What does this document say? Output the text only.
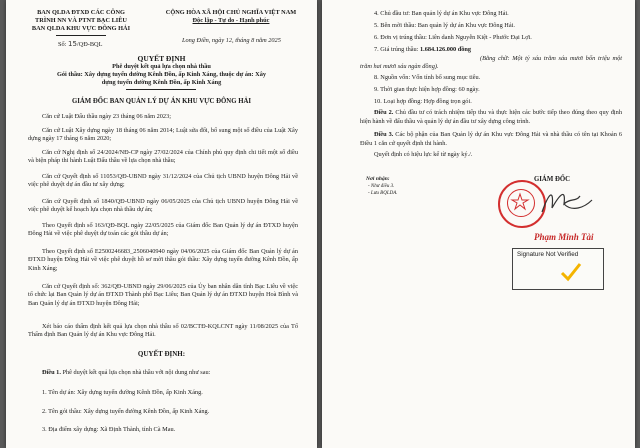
BAN QLDA ĐTXD CÁC CÔNG
TRÌNH NN VÀ PTNT BẠC LIÊU
BAN QLDA KHU VỰC ĐÔNG HẢI
Số: 15/QĐ-BQL
CỘNG HÒA XÃ HỘI CHỦ NGHĨA VIỆT NAM
Độc lập - Tự do - Hạnh phúc
Long Điền, ngày 12, tháng 8 năm 2025
QUYẾT ĐỊNH
Phê duyệt kết quả lựa chọn nhà thầu
Gói thầu: Xây dựng tuyến đường Kênh Đồn, ấp Kinh Xáng, thuộc dự án: Xây
dựng tuyến đường Kênh Đồn, ấp Kinh Xáng
GIÁM ĐỐC BAN QUẢN LÝ DỰ ÁN KHU VỰC ĐÔNG HẢI
Căn cứ Luật Đấu thầu ngày 23 tháng 06 năm 2023;
Căn cứ Luật Xây dựng ngày 18 tháng 06 năm 2014; Luật sửa đổi, bổ sung một số điều của Luật Xây dựng ngày 17 tháng 6 năm 2020;
Căn cứ Nghị định số 24/2024/NĐ-CP ngày 27/02/2024 của Chính phủ quy định chi tiết một số điều và biện pháp thi hành Luật Đấu thầu về lựa chọn nhà thầu;
Căn cứ Quyết định số 11053/QĐ-UBND ngày 31/12/2024 của Chủ tịch UBND huyện Đông Hải về việc phê duyệt dự án đầu tư xây dựng;
Căn cứ Quyết định số 1840/QĐ-UBND ngày 06/05/2025 của Chủ tịch UBND huyện Đông Hải về việc phê duyệt kế hoạch lựa chọn nhà thầu dự án;
Theo Quyết định số 163/QĐ-BQL ngày 22/05/2025 của Giám đốc Ban Quản lý dự án ĐTXD huyện Đông Hải về việc phê duyệt dự toán các gói thầu dự án;
Theo Quyết định số E2500246683_2506040940 ngày 04/06/2025 của Giám đốc Ban Quản lý dự án ĐTXD huyện Đông Hải về việc phê duyệt hồ sơ mời thầu gói thầu: Xây dựng tuyến đường Kênh Đồn, ấp Kinh Xáng;
Căn cứ Quyết định số: 362/QĐ-UBND ngày 29/06/2025 của Ủy ban nhân dân tỉnh Bạc Liêu về việc tổ chức lại Ban Quản lý dự án ĐTXD Thành phố Bạc Liêu; Ban Quản lý dự án ĐTXD huyện Hoà Bình và Ban Quản lý dự án ĐTXD huyện Đông Hải;
Xét báo cáo thẩm định kết quả lựa chọn nhà thầu số 02/BCTĐ-KQLCNT ngày 11/08/2025 của Tổ Thẩm định Ban Quản lý dự án Khu vực Đông Hải.
QUYẾT ĐỊNH:
Điều 1. Phê duyệt kết quả lựa chọn nhà thầu với nội dung như sau:
1. Tên dự án: Xây dựng tuyến đường Kênh Đồn, ấp Kinh Xáng.
2. Tên gói thầu: Xây dựng tuyến đường Kênh Đồn, ấp Kinh Xáng.
3. Địa điểm xây dựng: Xã Định Thành, tỉnh Cà Mau.
4. Chủ đầu tư: Ban quản lý dự án Khu vực Đông Hải.
5. Bên mời thầu: Ban quản lý dự án Khu vực Đông Hải.
6. Đơn vị trúng thầu: Liên danh Nguyễn Kiệt - Phước Đại Lợi.
7. Giá trúng thầu: 1.684.126.000 đồng
(Bằng chữ: Một tỷ sáu trăm sáu mươi bốn triệu một trăm hai mươi sáu ngàn đồng).
8. Nguồn vốn: Vốn tỉnh bổ sung mục tiêu.
9. Thời gian thực hiện hợp đồng: 60 ngày.
10. Loại hợp đồng: Hợp đồng trọn gói.
Điều 2. Chủ đầu tư có trách nhiệm tiếp thu và thực hiện các bước tiếp theo đúng theo quy định hiện hành về đấu thầu và quản lý dự án đầu tư xây dựng công trình.
Điều 3. Các bộ phận của Ban Quản lý dự án Khu vực Đông Hải và nhà thầu có tên tại Khoản 6 Điều 1 căn cứ quyết định thi hành.
Quyết định có hiệu lực kể từ ngày ký./.
Nơi nhận:
- Như điều 3.
- Lưu BQLDA.
GIÁM ĐỐC
Phạm Minh Tài
Signature Not Verified
